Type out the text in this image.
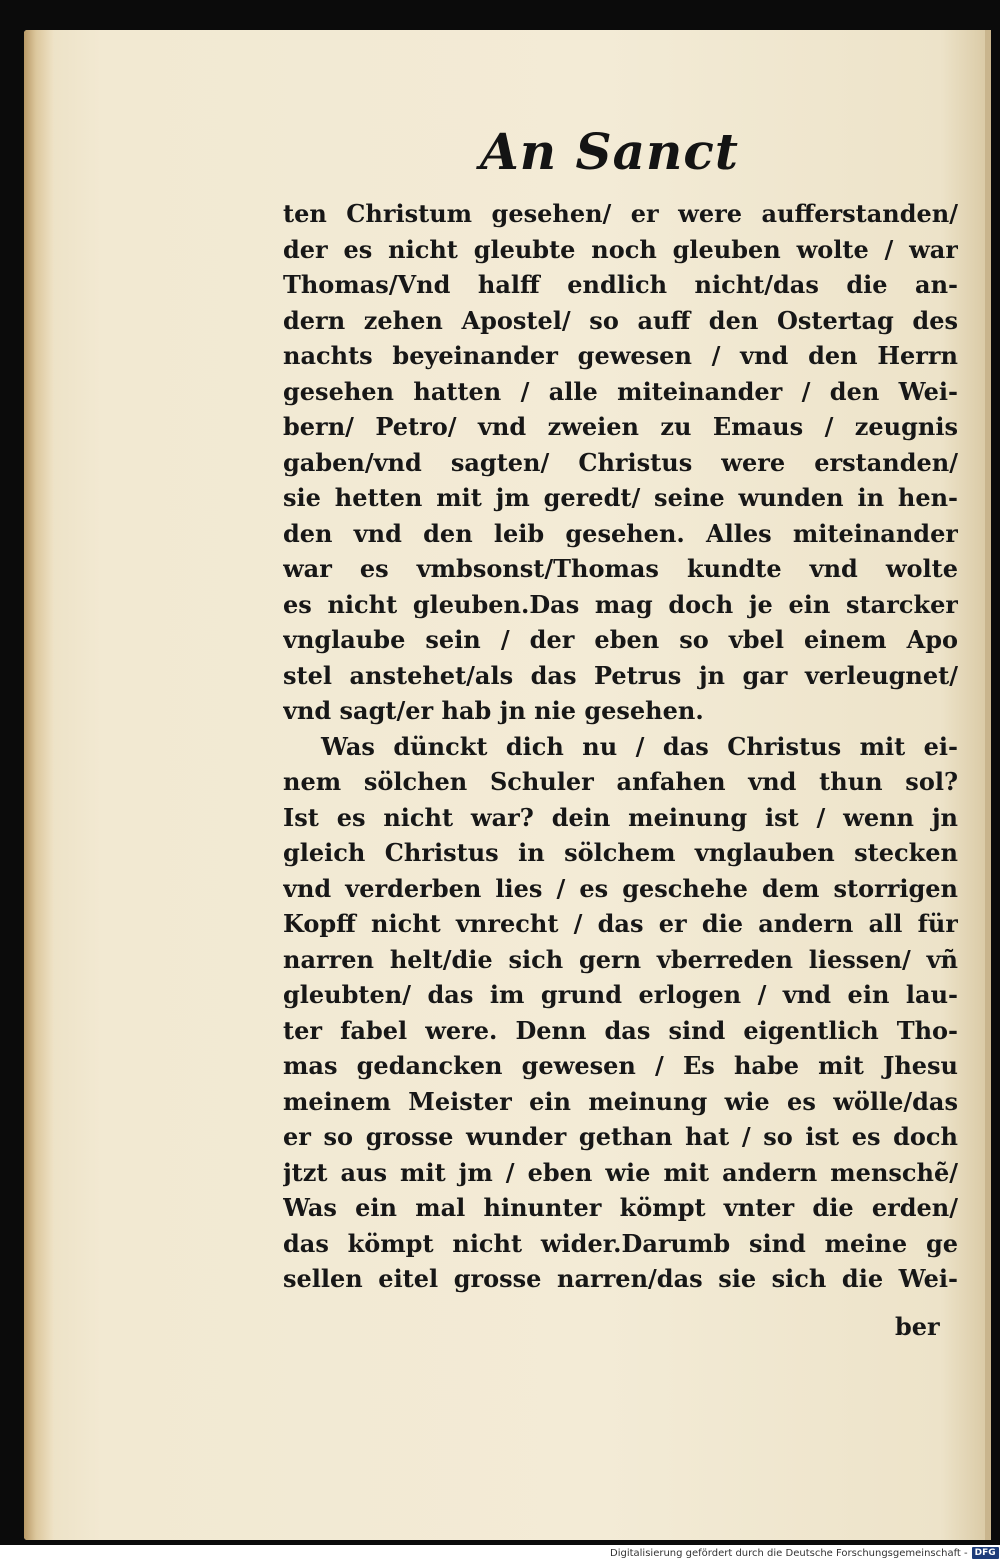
An Sanct
ten Christum gesehen/ er were aufferstanden/
der es nicht gleubte noch gleuben wolte / war
Thomas/Vnd halff endlich nicht/das die an-
dern zehen Apostel/ so auff den Ostertag des
nachts beyeinander gewesen / vnd den Herrn
gesehen hatten / alle miteinander / den Wei-
bern/ Petro/ vnd zweien zu Emaus / zeugnis
gaben/vnd sagten/ Christus were erstanden/
sie hetten mit jm geredt/ seine wunden in hen-
den vnd den leib gesehen. Alles miteinander
war es vmbsonst/Thomas kundte vnd wolte
es nicht gleuben.Das mag doch je ein starcker
vnglaube sein / der eben so vbel einem Apo
stel anstehet/als das Petrus jn gar verleugnet/
vnd sagt/er hab jn nie gesehen.
Was dünckt dich nu / das Christus mit ei-
nem sölchen Schuler anfahen vnd thun sol?
Ist es nicht war? dein meinung ist / wenn jn
gleich Christus in sölchem vnglauben stecken
vnd verderben lies / es geschehe dem storrigen
Kopff nicht vnrecht / das er die andern all für
narren helt/die sich gern vberreden liessen/ vñ
gleubten/ das im grund erlogen / vnd ein lau-
ter fabel were. Denn das sind eigentlich Tho-
mas gedancken gewesen / Es habe mit Jhesu
meinem Meister ein meinung wie es wölle/das
er so grosse wunder gethan hat / so ist es doch
jtzt aus mit jm / eben wie mit andern menschẽ/
Was ein mal hinunter kömpt vnter die erden/
das kömpt nicht wider.Darumb sind meine ge
sellen eitel grosse narren/das sie sich die Wei-
ber
Digitalisierung gefördert durch die Deutsche Forschungsgemeinschaft - DFG
